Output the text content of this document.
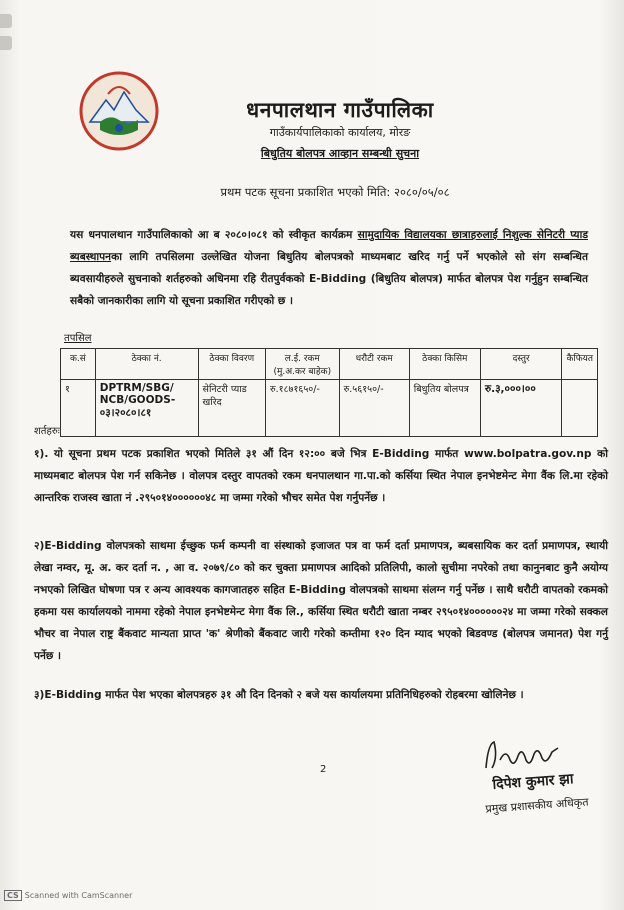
धनपालथान गाउँपालिका
गाउँकार्यपालिकाको कार्यालय, मोरङ
बिधुतिय बोलपत्र आव्हान सम्बन्धी सुचना
प्रथम पटक सूचना प्रकाशित भएको मिति: २०८०/०५/०८
यस धनपालथान गाउँपालिकाको आ ब २०८०।०८१ को स्वीकृत कार्यक्रम सामुदायिक विद्यालयका छात्राहरुलाई निशुल्क सेनिटरी प्याड ब्यबस्थापनका लागि तपसिलमा उल्लेखित योजना बिधुतिय बोलपत्रको माध्यमबाट खरिद गर्नु पर्ने भएकोले सो संग सम्बन्धित ब्यवसायीहरुले सुचनाको शर्तहरुको अधिनमा रहि रीतपुर्वकको E-Bidding (बिधुतिय बोलपत्र) मार्फत बोलपत्र पेश गर्नुहुन सम्बन्धित सबैको जानकारीका लागि यो सूचना प्रकाशित गरीएको छ ।
तपसिल
क.सं	ठेक्का नं.	ठेक्का विवरण	ल.ई. रकम (मु.अ.कर बाहेक)	धरौटी रकम	ठेक्का किसिम	दस्तुर	कैफियत
१	DPTRM/SBG/ NCB/GOODS- ०३।२०८०।८१	सेनिटरी प्याड खरिद	रु.१८७१६५०/-	रु.५६१५०/-	बिधुतिय बोलपत्र	रु.३,०००।००	
शर्तहरुः
१). यो सूचना प्रथम पटक प्रकाशित भएको मितिले ३१ औं दिन १२:०० बजे भित्र E-Bidding मार्फत www.bolpatra.gov.np को माध्यमबाट बोलपत्र पेश गर्न सकिनेछ । वोलपत्र दस्तुर वापतको रकम धनपालथान गा.पा.को कर्सिया स्थित नेपाल इनभेष्टमेन्ट मेगा वैंक लि.मा रहेको आन्तरिक राजस्व खाता नं .२९५०१४००००००४८ मा जम्मा गरेको भौचर समेत पेश गर्नुपर्नेछ ।
२)E-Bidding वोलपत्रको साथमा ईच्छुक फर्म कम्पनी वा संस्थाको इजाजत पत्र वा फर्म दर्ता प्रमाणपत्र, ब्यबसायिक कर दर्ता प्रमाणपत्र, स्थायी लेखा नम्वर, मू. अ. कर दर्ता न. , आ व. २०७९/८० को कर चुक्ता प्रमाणपत्र आदिको प्रतिलिपी, कालो सुचीमा नपरेको तथा कानुनबाट कुनै अयोग्य नभएको लिखित घोषणा पत्र र अन्य आवश्यक कागजातहरु सहित E-Bidding वोलपत्रको साथमा संलग्न गर्नु पर्नेछ । साथै धरौटी वापतको रकमको हकमा यस कार्यालयको नाममा रहेको नेपाल इनभेष्टमेन्ट मेगा वैंक लि., कर्सिया स्थित धरौटी खाता नम्बर २९५०१४००००००२४ मा जम्मा गरेको सक्कल भौचर वा नेपाल राष्ट्र बैंकवाट मान्यता प्राप्त 'क' श्रेणीको बैंकवाट जारी गरेको कम्तीमा १२० दिन म्याद भएको बिडवण्ड (बोलपत्र जमानत) पेश गर्नु पर्नेछ ।
३)E-Bidding मार्फत पेश भएका बोलपत्रहरु ३१ औ दिन दिनको २ बजे यस कार्यालयमा प्रतिनिधिहरुको रोहबरमा खोलिनेछ ।
2
दिपेश कुमार झा
प्रमुख प्रशासकीय अधिकृत
CS Scanned with CamScanner
